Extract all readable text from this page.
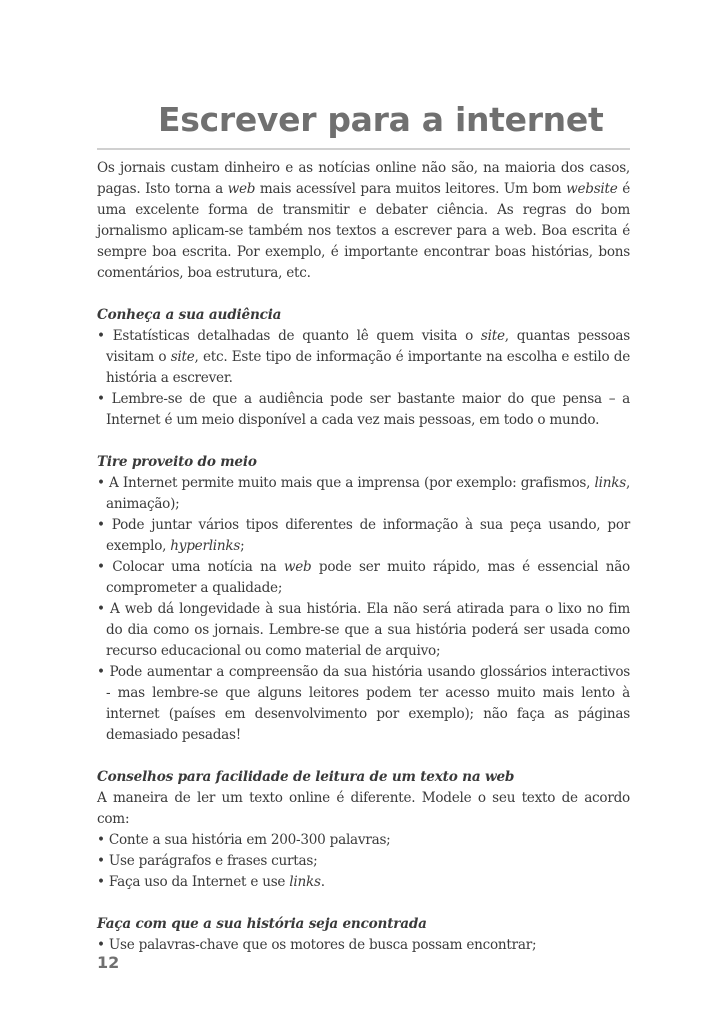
Escrever para a internet

Os jornais custam dinheiro e as notícias online não são, na maioria dos casos, pagas. Isto torna a web mais acessível para muitos leitores. Um bom website é uma excelente forma de transmitir e debater ciência. As regras do bom jornalismo aplicam-se também nos textos a escrever para a web. Boa escrita é sempre boa escrita. Por exemplo, é importante encontrar boas histórias, bons comentários, boa estrutura, etc.

Conheça a sua audiência
• Estatísticas detalhadas de quanto lê quem visita o site, quantas pessoas visitam o site, etc. Este tipo de informação é importante na escolha e estilo de história a escrever.
• Lembre-se de que a audiência pode ser bastante maior do que pensa – a Internet é um meio disponível a cada vez mais pessoas, em todo o mundo.
Tire proveito do meio
• A Internet permite muito mais que a imprensa (por exemplo: grafismos, links, animação);
• Pode juntar vários tipos diferentes de informação à sua peça usando, por exemplo, hyperlinks;
• Colocar uma notícia na web pode ser muito rápido, mas é essencial não comprometer a qualidade;
• A web dá longevidade à sua história. Ela não será atirada para o lixo no fim do dia como os jornais. Lembre-se que a sua história poderá ser usada como recurso educacional ou como material de arquivo;
• Pode aumentar a compreensão da sua história usando glossários interactivos - mas lembre-se que alguns leitores podem ter acesso muito mais lento à internet (países em desenvolvimento por exemplo); não faça as páginas demasiado pesadas!
Conselhos para facilidade de leitura de um texto na web

A maneira de ler um texto online é diferente. Modele o seu texto de acordo com:

• Conte a sua história em 200-300 palavras;
• Use parágrafos e frases curtas;
• Faça uso da Internet e use links.
Faça com que a sua história seja encontrada
• Use palavras-chave que os motores de busca possam encontrar;
12
